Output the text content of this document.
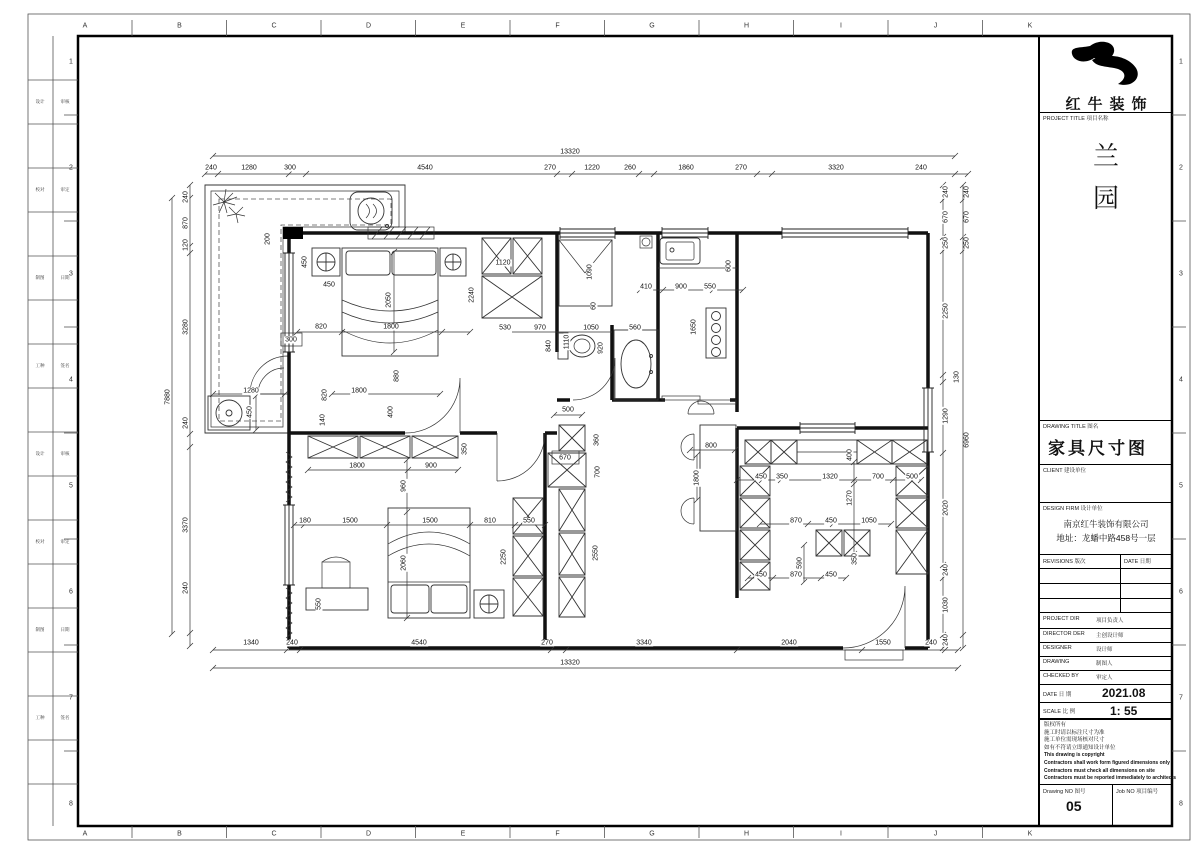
13320
240	1280	300	4540	270	1220	260	1860	270	3320	240
1340	240	4540	270	3340	2040	1550	240
13320
240
870
120
3280
240
3370
240
7880
240
670
250
2250
130
1290
2020
240
1030
240
240
670
250
6960
200
450
450
820	1800
2050
300
1280
450
820
140
1800
400
880
1120
2240
530	970
840 1110
1050
920
560
1090
60
410	900 550
600
1650
500
360
700
670
800
1800	450 350	1320	700	500
400
1270
870	450	1050
590	350
450	870	450
350
1800	900
960
180	1500	1500	810	550
2060	2250
550
2550
A
A
B
B
C
C
D
D
E
E
F
F
G
G
H
H
I
I
J
J
K
K
1	1
2	2
3	3
4	4
5	5
6	6
7	7
8	8
设计	审核
校对	审定
制图	日期
工种	签名
设计	审核
校对	审定
制图	日期
工种	签名
红牛装饰
PROJECT TITLE 项目名称
兰
园
DRAWING TITLE 图名
家具尺寸图
CLIENT 建设单位
DESIGN FIRM 设计单位
南京红牛装饰有限公司
地址：龙蟠中路458号一层
REVISIONS 版次	DATE 日期
PROJECT DIR	项目负责人
DIRECTOR DER 主创设计师
DESIGNER	设计师
DRAWING	制图人
CHECKED BY	审定人
DATE 日 期	2021.08
SCALE 比 例	1: 55
版权所有
施工时请以标注尺寸为准
施工单位需现场核对尺寸
如有不符请立即通知设计单位
This drawing is copyright
Contractors shall work form figured dimensions only
Contractors must check all dimensions on site
Contractors must be reported immediately to architects
Drawing NO 图号
05
Job NO 项目编号
